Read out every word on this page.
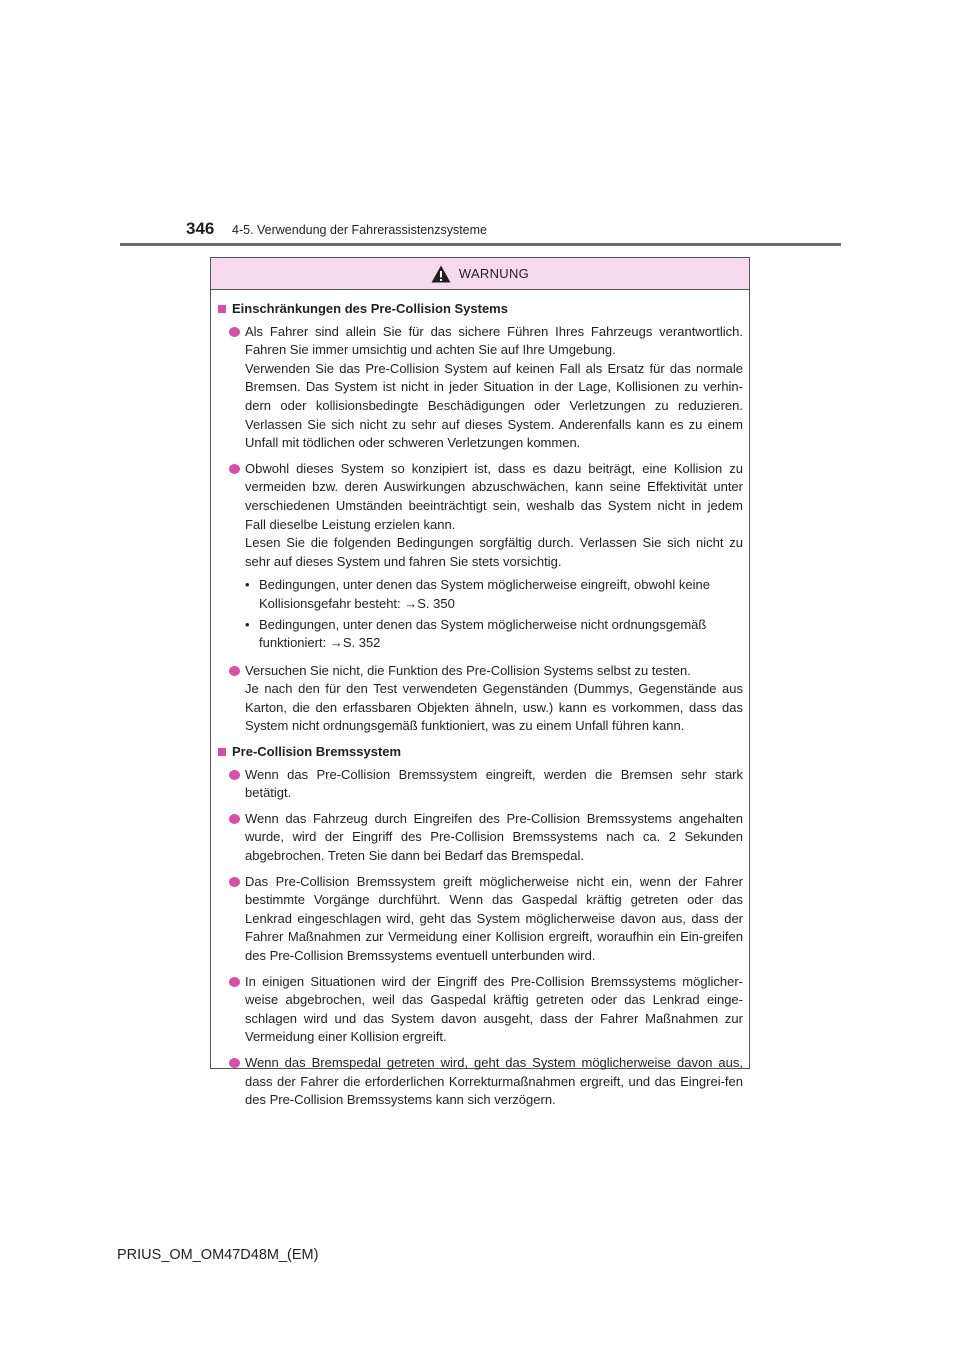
346 4-5. Verwendung der Fahrerassistenzsysteme
WARNUNG
Einschränkungen des Pre-Collision Systems

Als Fahrer sind allein Sie für das sichere Führen Ihres Fahrzeugs verantwortlich. Fahren Sie immer umsichtig und achten Sie auf Ihre Umgebung.

Verwenden Sie das Pre-Collision System auf keinen Fall als Ersatz für das normale Bremsen. Das System ist nicht in jeder Situation in der Lage, Kollisionen zu verhin-dern oder kollisionsbedingte Beschädigungen oder Verletzungen zu reduzieren. Verlassen Sie sich nicht zu sehr auf dieses System. Anderenfalls kann es zu einem Unfall mit tödlichen oder schweren Verletzungen kommen.

Obwohl dieses System so konzipiert ist, dass es dazu beiträgt, eine Kollision zu vermeiden bzw. deren Auswirkungen abzuschwächen, kann seine Effektivität unter verschiedenen Umständen beeinträchtigt sein, weshalb das System nicht in jedem Fall dieselbe Leistung erzielen kann.

Lesen Sie die folgenden Bedingungen sorgfältig durch. Verlassen Sie sich nicht zu sehr auf dieses System und fahren Sie stets vorsichtig.

• Bedingungen, unter denen das System möglicherweise eingreift, obwohl keine
Kollisionsgefahr besteht: →S. 350
• Bedingungen, unter denen das System möglicherweise nicht ordnungsgemäß
funktioniert: →S. 352

Versuchen Sie nicht, die Funktion des Pre-Collision Systems selbst zu testen.

Je nach den für den Test verwendeten Gegenständen (Dummys, Gegenstände aus Karton, die den erfassbaren Objekten ähneln, usw.) kann es vorkommen, dass das System nicht ordnungsgemäß funktioniert, was zu einem Unfall führen kann.

Pre-Collision Bremssystem

Wenn das Pre-Collision Bremssystem eingreift, werden die Bremsen sehr stark betätigt.

Wenn das Fahrzeug durch Eingreifen des Pre-Collision Bremssystems angehalten wurde, wird der Eingriff des Pre-Collision Bremssystems nach ca. 2 Sekunden abgebrochen. Treten Sie dann bei Bedarf das Bremspedal.

Das Pre-Collision Bremssystem greift möglicherweise nicht ein, wenn der Fahrer bestimmte Vorgänge durchführt. Wenn das Gaspedal kräftig getreten oder das Lenkrad eingeschlagen wird, geht das System möglicherweise davon aus, dass der Fahrer Maßnahmen zur Vermeidung einer Kollision ergreift, woraufhin ein Ein-greifen des Pre-Collision Bremssystems eventuell unterbunden wird.

In einigen Situationen wird der Eingriff des Pre-Collision Bremssystems möglicher-weise abgebrochen, weil das Gaspedal kräftig getreten oder das Lenkrad einge-schlagen wird und das System davon ausgeht, dass der Fahrer Maßnahmen zur Vermeidung einer Kollision ergreift.

Wenn das Bremspedal getreten wird, geht das System möglicherweise davon aus, dass der Fahrer die erforderlichen Korrekturmaßnahmen ergreift, und das Eingrei-fen des Pre-Collision Bremssystems kann sich verzögern.

PRIUS_OM_OM47D48M_(EM)
